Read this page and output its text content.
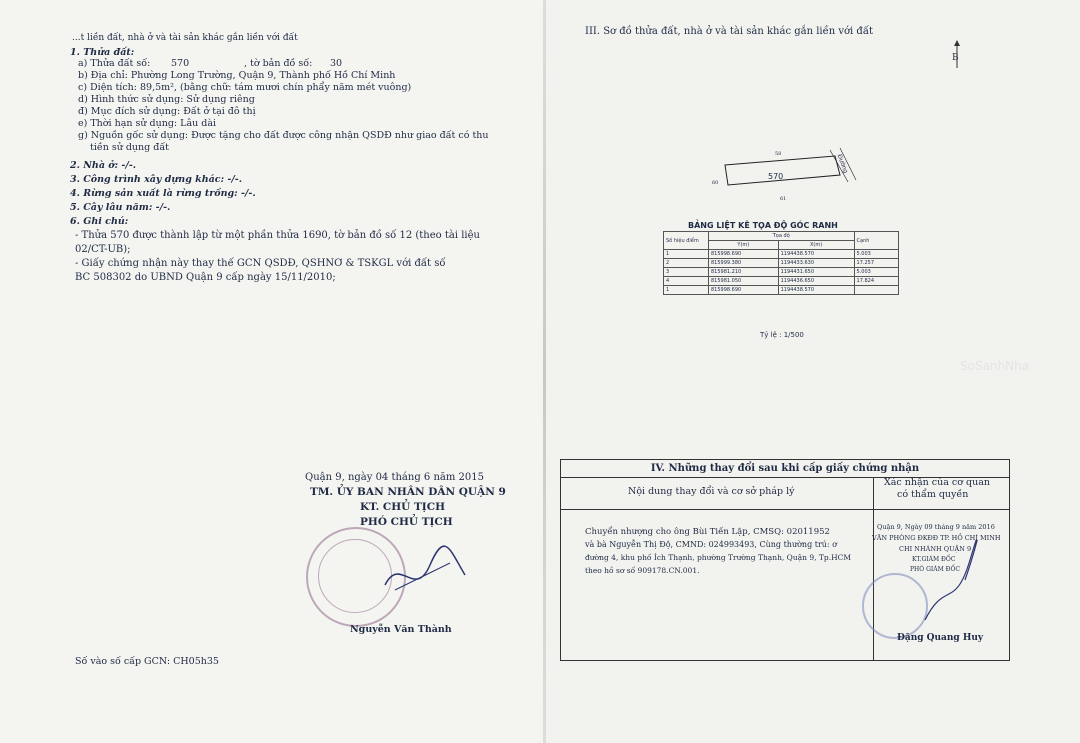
...t liền đất, nhà ở và tài sản khác gắn liền với đất
1. Thửa đất:
a) Thửa đất số: 570	, tờ bản đồ số: 30
b) Địa chỉ: Phường Long Trường, Quận 9, Thành phố Hồ Chí Minh
c) Diện tích: 89,5m², (bằng chữ: tám mươi chín phẩy năm mét vuông)
d) Hình thức sử dụng: Sử dụng riêng
đ) Mục đích sử dụng: Đất ở tại đô thị
e) Thời hạn sử dụng: Lâu dài
g) Nguồn gốc sử dụng: Được tặng cho đất được công nhận QSDĐ như giao đất có thu
tiền sử dụng đất
2. Nhà ở: -/-.
3. Công trình xây dựng khác: -/-.
4. Rừng sản xuất là rừng trồng: -/-.
5. Cây lâu năm: -/-.
6. Ghi chú:
- Thửa 570 được thành lập từ một phần thửa 1690, tờ bản đồ số 12 (theo tài liệu
02/CT-UB);
- Giấy chứng nhận này thay thế GCN QSDĐ, QSHNƠ & TSKGL với đất số
BC 508302 do UBND Quận 9 cấp ngày 15/11/2010;
Quận 9, ngày 04 tháng 6 năm 2015
TM. ỦY BAN NHÂN DÂN QUẬN 9
KT. CHỦ TỊCH
PHÓ CHỦ TỊCH
Nguyễn Văn Thành
Số vào số cấp GCN: CH05h35
III. Sơ đồ thửa đất, nhà ở và tài sản khác gắn liền với đất
B
570
Đường
58
60
61
BẢNG LIỆT KÊ TỌA ĐỘ GÓC RANH
Số hiệu điểm	Tọa độ		Cạnh
	Y(m)	X(m)	
1	815998.690	1194438.570	5.003
2	815999.380	1194433.630	17.257
3	815981.210	1194431.650	5.003
4	815981.050	1194436.650	17.824
1	815998.690	1194438.570	
Tỷ lệ : 1/500
SoSanhNha
IV. Những thay đổi sau khi cấp giấy chứng nhận
Nội dung thay đổi và cơ sở pháp lý
Xác nhận của cơ quan
có thẩm quyền
Chuyển nhượng cho ông Bùi Tiến Lập, CMSQ: 02011952
và bà Nguyễn Thị Độ, CMND: 024993493, Cùng thường trú: ơ
đường 4, khu phố Ích Thạnh, phường Trường Thạnh, Quận 9, Tp.HCM
theo hồ sơ số 909178.CN.001.
Quận 9, Ngày 09 tháng 9 năm 2016
VĂN PHÒNG ĐKĐĐ TP. HỒ CHÍ MINH
CHI NHÁNH QUẬN 9
KT.GIÁM ĐỐC
PHÓ GIÁM ĐỐC
Đặng Quang Huy
